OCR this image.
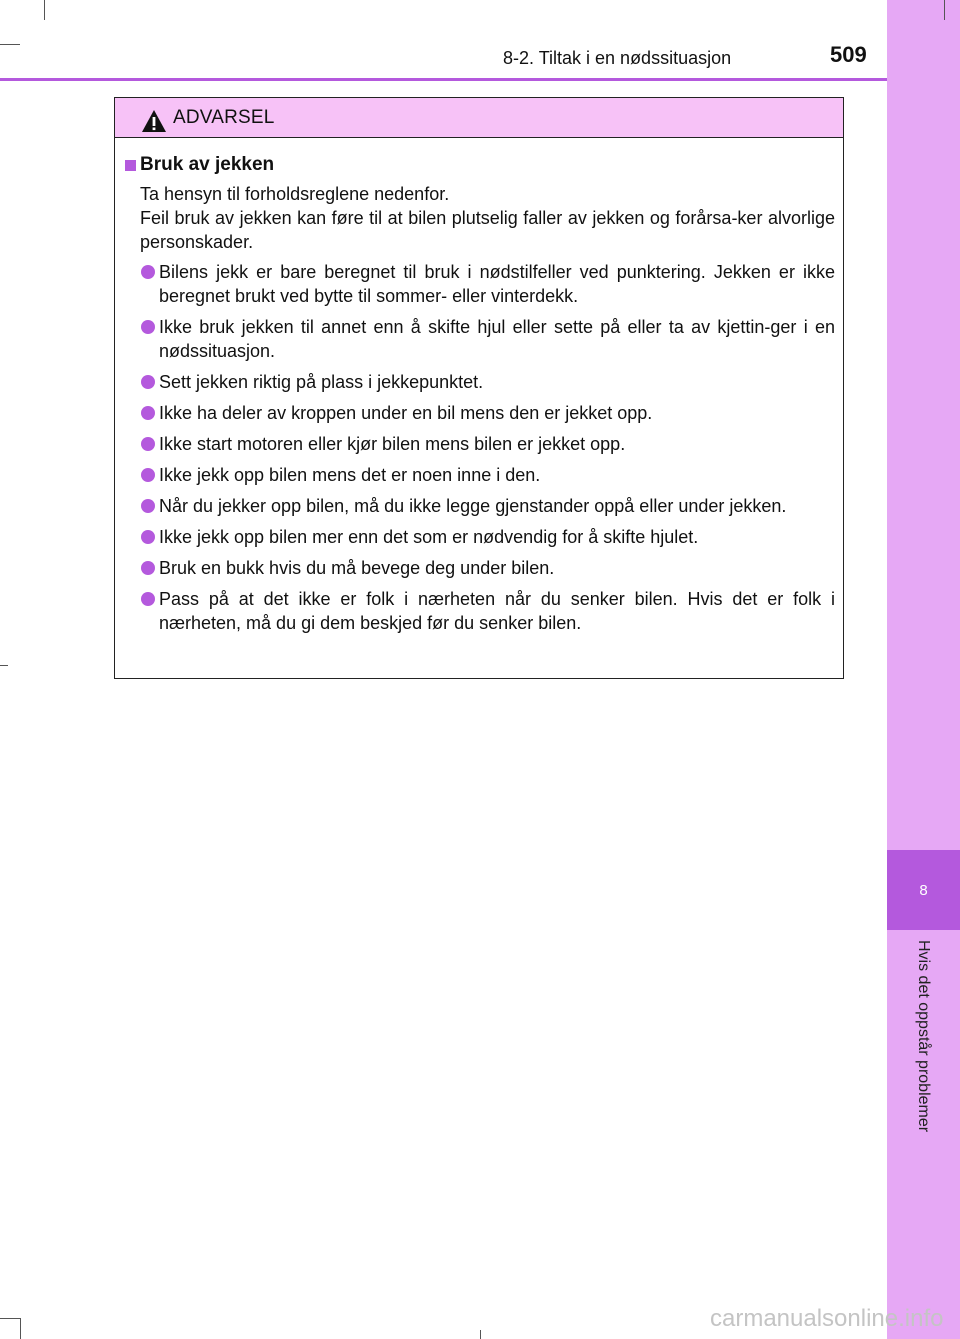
8
Hvis det oppstår problemer
8-2. Tiltak i en nødssituasjon	509
ADVARSEL
Bruk av jekken

Ta hensyn til forholdsreglene nedenfor.

Feil bruk av jekken kan føre til at bilen plutselig faller av jekken og forårsa-ker alvorlige personskader.

Bilens jekk er bare beregnet til bruk i nødstilfeller ved punktering. Jekken er ikke beregnet brukt ved bytte til sommer- eller vinterdekk.
Ikke bruk jekken til annet enn å skifte hjul eller sette på eller ta av kjettin-ger i en nødssituasjon.
Sett jekken riktig på plass i jekkepunktet.
Ikke ha deler av kroppen under en bil mens den er jekket opp.
Ikke start motoren eller kjør bilen mens bilen er jekket opp.
Ikke jekk opp bilen mens det er noen inne i den.
Når du jekker opp bilen, må du ikke legge gjenstander oppå eller under jekken.
Ikke jekk opp bilen mer enn det som er nødvendig for å skifte hjulet.
Bruk en bukk hvis du må bevege deg under bilen.
Pass på at det ikke er folk i nærheten når du senker bilen. Hvis det er folk i nærheten, må du gi dem beskjed før du senker bilen.
carmanualsonline.info
